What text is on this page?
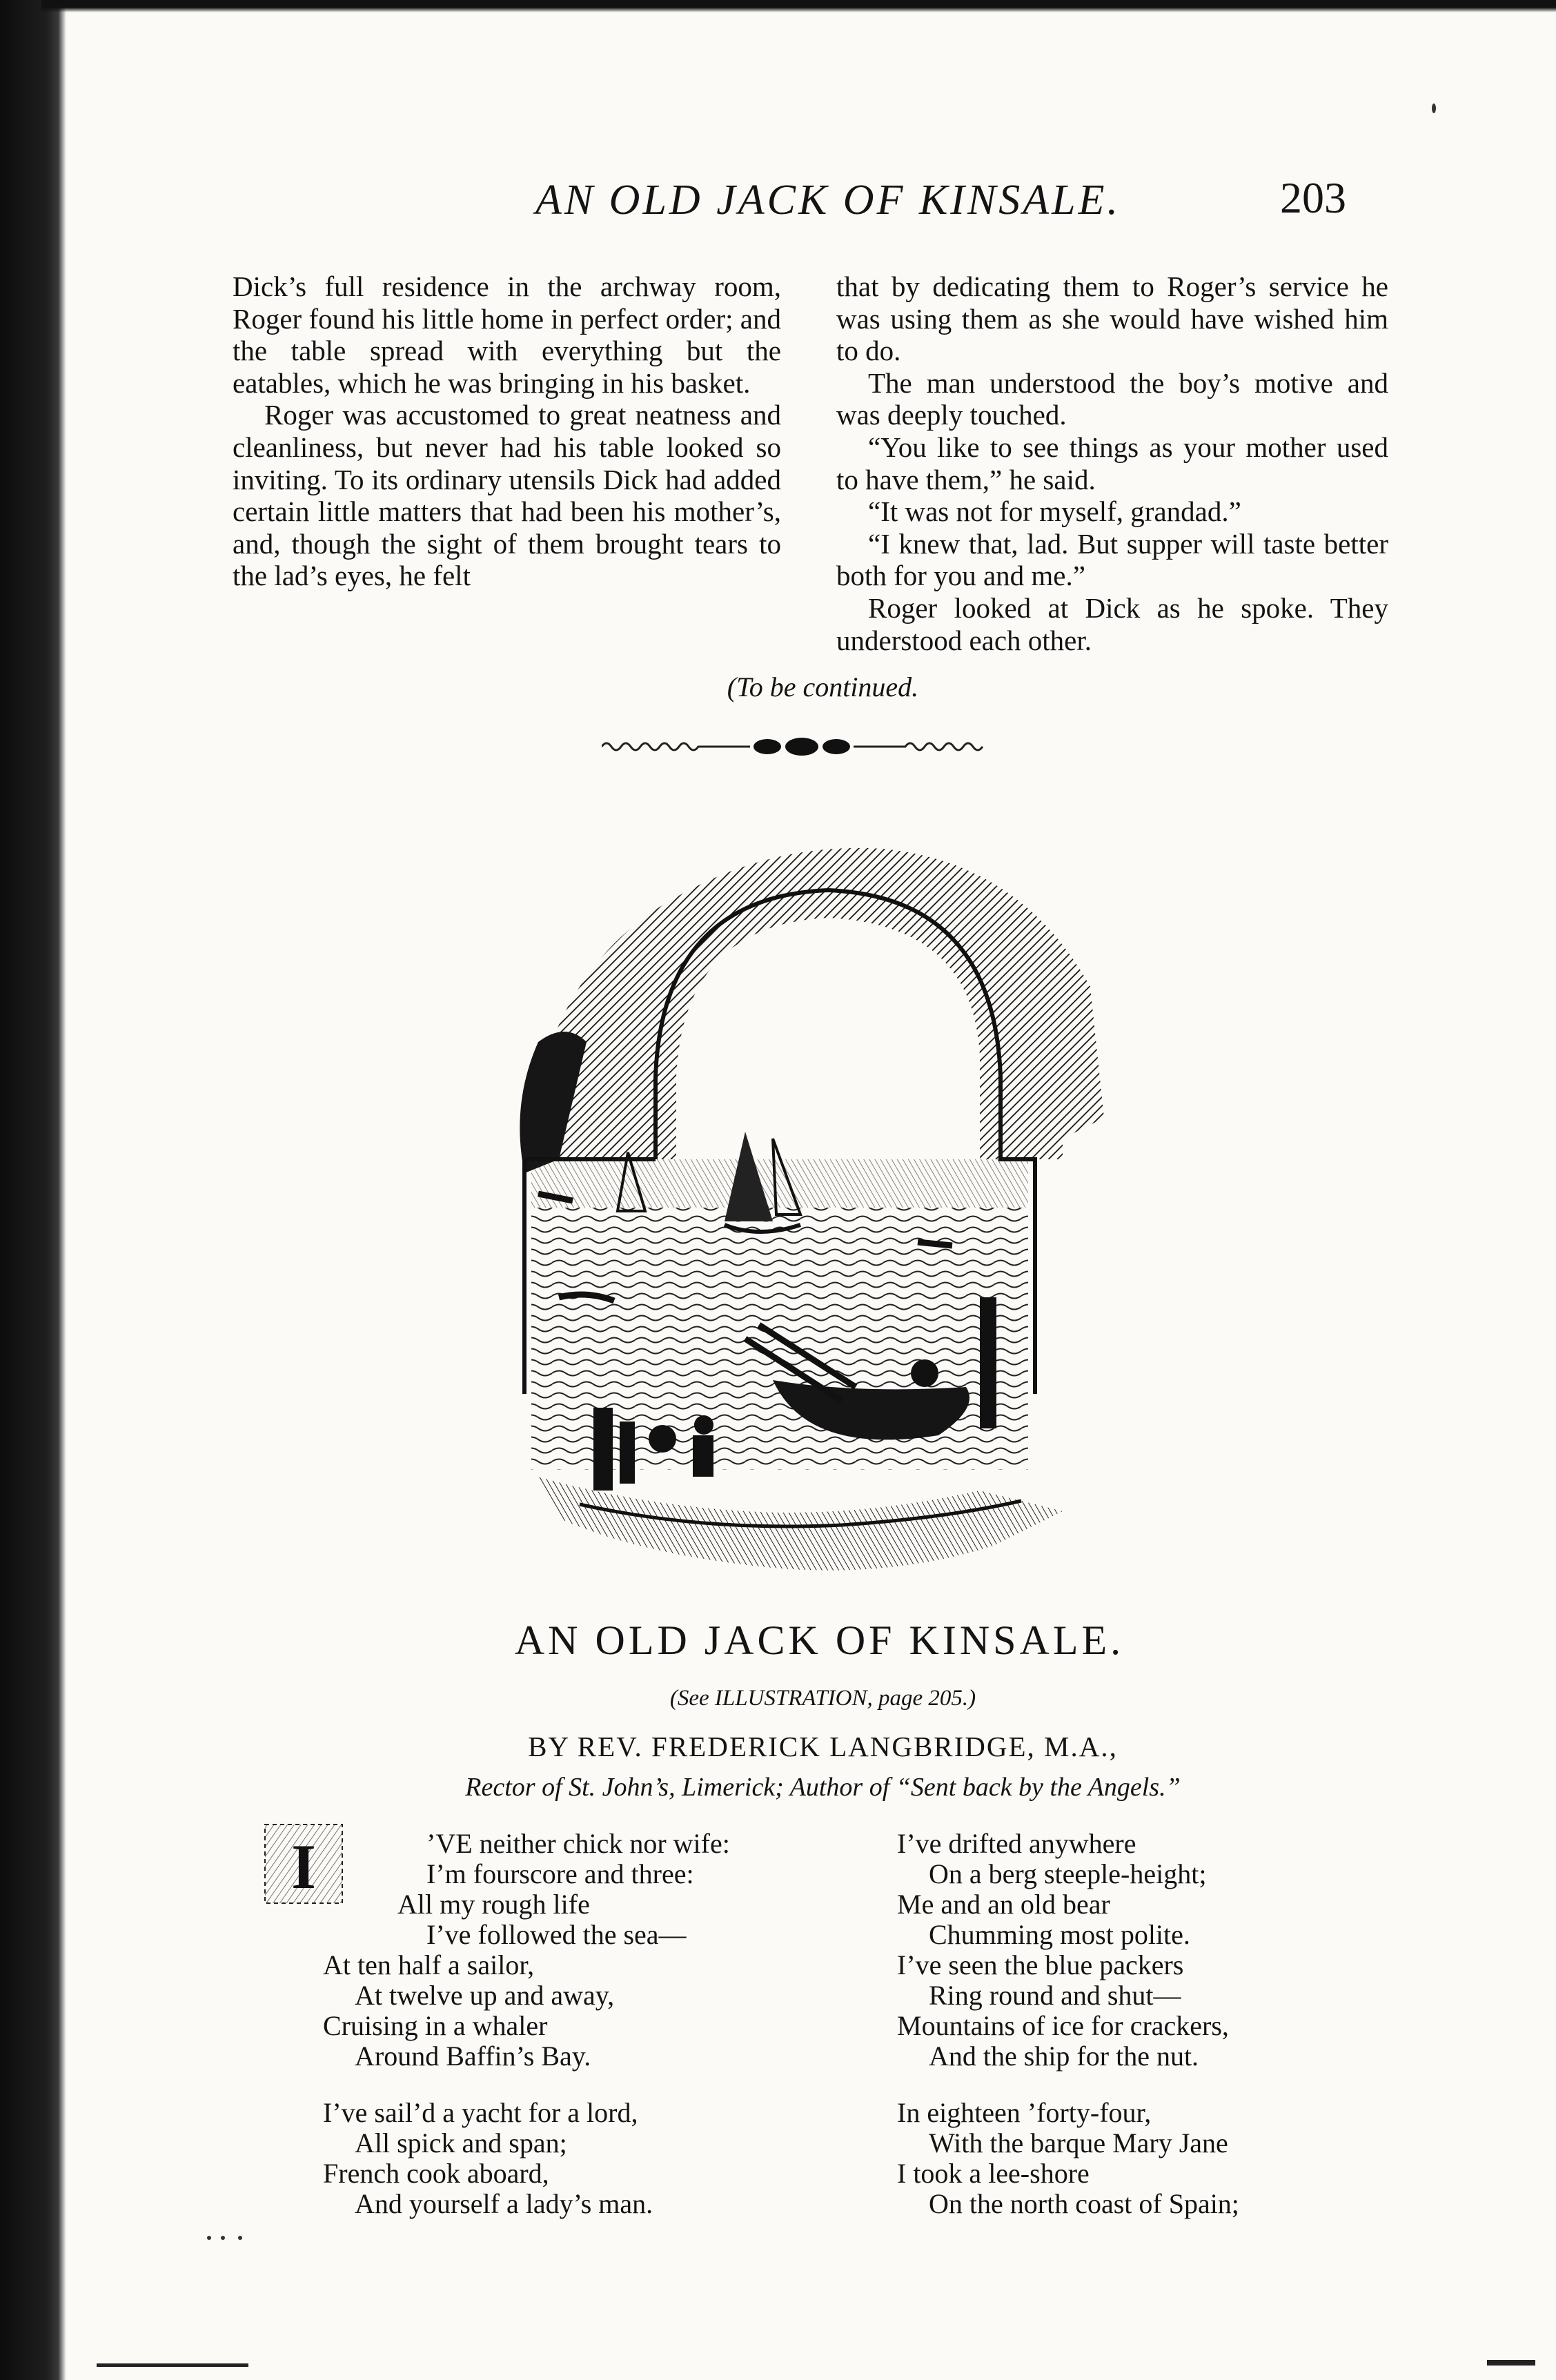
AN OLD JACK OF KINSALE.	203

Dick’s full residence in the archway room, Roger found his little home in perfect order; and the table spread with everything but the eatables, which he was bringing in his basket.

Roger was accustomed to great neatness and cleanliness, but never had his table looked so inviting. To its ordinary utensils Dick had added certain little matters that had been his mother’s, and, though the sight of them brought tears to the lad’s eyes, he felt

that by dedicating them to Roger’s service he was using them as she would have wished him to do.

The man understood the boy’s motive and was deeply touched.

“You like to see things as your mother used to have them,” he said.

“It was not for myself, grandad.”

“I knew that, lad. But supper will taste better both for you and me.”

Roger looked at Dick as he spoke. They understood each other.

(To be continued.
AN OLD JACK OF KINSALE.
(See ILLUSTRATION, page 205.)
BY REV. FREDERICK LANGBRIDGE, M.A.,
Rector of St. John’s, Limerick; Author of “Sent back by the Angels.”
I	’VE neither chick nor wife:
I’m fourscore and three:
All my rough life
I’ve followed the sea—
At ten half a sailor,
At twelve up and away,
Cruising in a whaler
Around Baffin’s Bay.
I’ve sail’d a yacht for a lord,
All spick and span;
French cook aboard,
And yourself a lady’s man.
I’ve drifted anywhere
On a berg steeple-height;
Me and an old bear
Chumming most polite.
I’ve seen the blue packers
Ring round and shut—
Mountains of ice for crackers,
And the ship for the nut.
In eighteen ’forty-four,
With the barque Mary Jane
I took a lee-shore
On the north coast of Spain;
